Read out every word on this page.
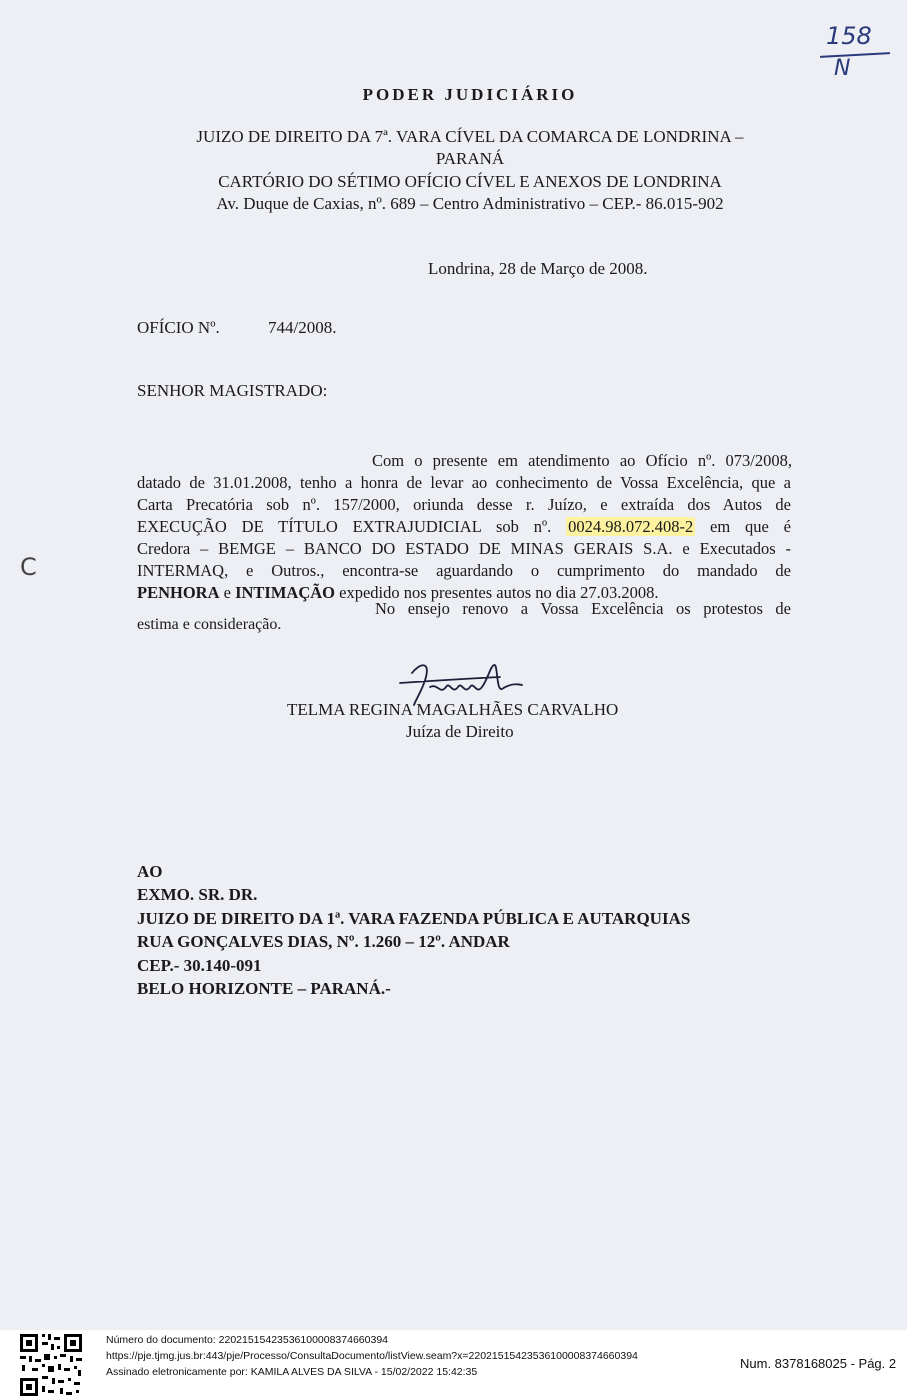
158
N
C
PODER JUDICIÁRIO
JUIZO DE DIREITO DA 7ª. VARA CÍVEL DA COMARCA DE LONDRINA –
PARANÁ
CARTÓRIO DO SÉTIMO OFÍCIO CÍVEL E ANEXOS DE LONDRINA
Av. Duque de Caxias, nº. 689 – Centro Administrativo – CEP.- 86.015-902
Londrina, 28 de Março de 2008.
OFÍCIO Nº.	744/2008.
SENHOR MAGISTRADO:
Com o presente em atendimento ao Ofício nº. 073/2008,
datado de 31.01.2008, tenho a honra de levar ao conhecimento de Vossa Excelência, que a
Carta Precatória sob nº. 157/2000, oriunda desse r. Juízo, e extraída dos Autos de
EXECUÇÃO DE TÍTULO EXTRAJUDICIAL sob nº. 0024.98.072.408-2 em que é
Credora – BEMGE – BANCO DO ESTADO DE MINAS GERAIS S.A. e Executados -
INTERMAQ, e Outros., encontra-se aguardando o cumprimento do mandado de
PENHORA e INTIMAÇÃO expedido nos presentes autos no dia 27.03.2008.
No ensejo renovo a Vossa Excelência os protestos de
estima e consideração.
TELMA REGINA MAGALHÃES CARVALHO
Juíza de Direito
AO
EXMO. SR. DR.
JUIZO DE DIREITO DA 1ª. VARA FAZENDA PÚBLICA E AUTARQUIAS
RUA GONÇALVES DIAS, Nº. 1.260 – 12º. ANDAR
CEP.- 30.140-091
BELO HORIZONTE – PARANÁ.-
Número do documento: 22021515423536100008374660394
https://pje.tjmg.jus.br:443/pje/Processo/ConsultaDocumento/listView.seam?x=22021515423536100008374660394
Assinado eletronicamente por: KAMILA ALVES DA SILVA - 15/02/2022 15:42:35
Num. 8378168025 - Pág. 2
